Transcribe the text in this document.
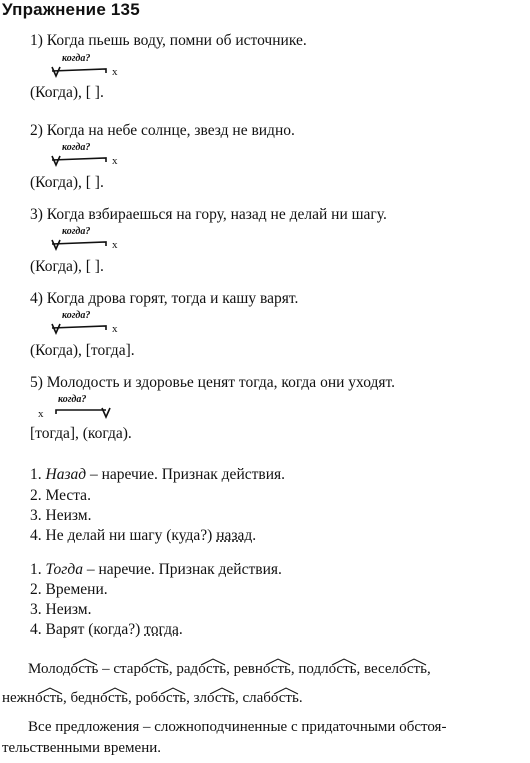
Упражнение 135
1) Когда пьешь воду, помни об источнике.
когда?
x
(Когда), [ ].
2) Когда на небе солнце, звезд не видно.
когда?
x
(Когда), [ ].
3) Когда взбираешься на гору, назад не делай ни шагу.
когда?
x
(Когда), [ ].
4) Когда дрова горят, тогда и кашу варят.
когда?
x
(Когда), [тогда].
5) Молодость и здоровье ценят тогда, когда они уходят.
когда?
x
[тогда], (когда).
1. Назад – наречие. Признак действия.
2. Места.
3. Неизм.
4. Не делай ни шагу (куда?) назад.
1. Тогда – наречие. Признак действия.
2. Времени.
3. Неизм.
4. Варят (когда?) тогда.
Молодость
– старость
, радость
, ревность
, подлость
, веселость
,
нежность
, бедность
, робость
, злость
, слабость
.
Все предложения – сложноподчиненные с придаточными обстоя-
тельственными времени.
